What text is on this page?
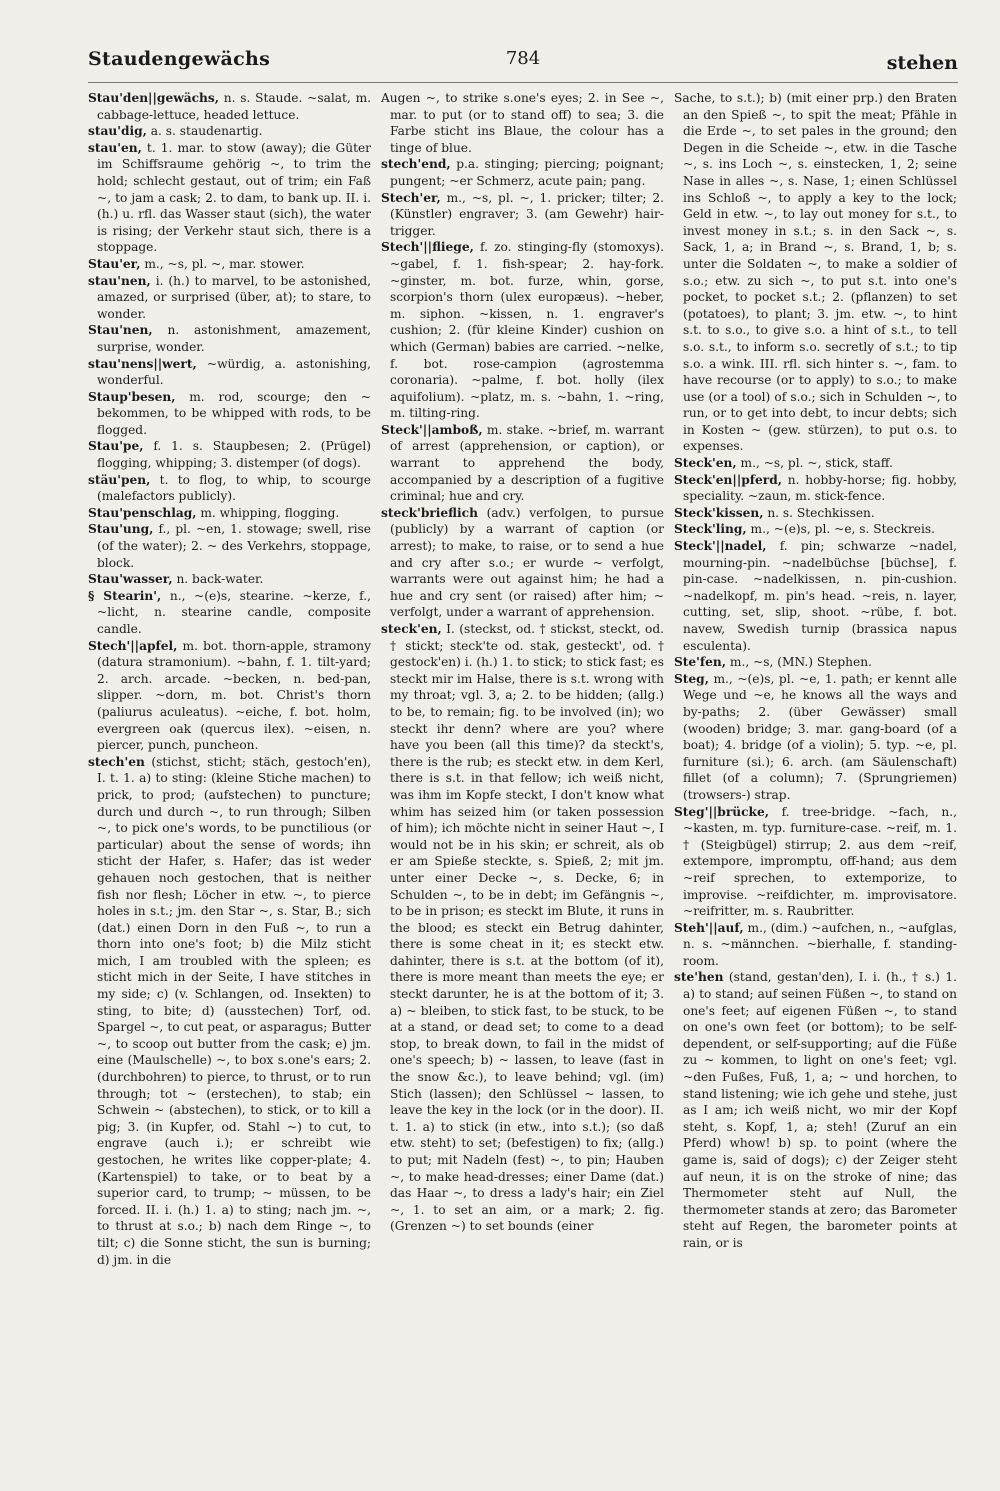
Staudengewächs	784	stehen

Stau'den||gewächs, n. s. Staude. ~salat, m. cabbage-lettuce, headed lettuce.

stau'dig, a. s. staudenartig.

stau'en, t. 1. mar. to stow (away); die Güter im Schiffsraume gehörig ~, to trim the hold; schlecht gestaut, out of trim; ein Faß ~, to jam a cask; 2. to dam, to bank up. II. i. (h.) u. rfl. das Wasser staut (sich), the water is rising; der Verkehr staut sich, there is a stoppage.

Stau'er, m., ~s, pl. ~, mar. stower.

stau'nen, i. (h.) to marvel, to be astonished, amazed, or surprised (über, at); to stare, to wonder.

Stau'nen, n. astonishment, amazement, surprise, wonder.

stau'nens||wert, ~würdig, a. astonishing, wonderful.

Staup'besen, m. rod, scourge; den ~ bekommen, to be whipped with rods, to be flogged.

Stau'pe, f. 1. s. Staupbesen; 2. (Prügel) flogging, whipping; 3. distemper (of dogs).

stäu'pen, t. to flog, to whip, to scourge (malefactors publicly).

Stau'penschlag, m. whipping, flogging.

Stau'ung, f., pl. ~en, 1. stowage; swell, rise (of the water); 2. ~ des Verkehrs, stoppage, block.

Stau'wasser, n. back-water.

§ Stearin', n., ~(e)s, stearine. ~kerze, f., ~licht, n. stearine candle, composite candle.

Stech'||apfel, m. bot. thorn-apple, stramony (datura stramonium). ~bahn, f. 1. tilt-yard; 2. arch. arcade. ~becken, n. bed-pan, slipper. ~dorn, m. bot. Christ's thorn (paliurus aculeatus). ~eiche, f. bot. holm, evergreen oak (quercus ilex). ~eisen, n. piercer, punch, puncheon.

stech'en (stichst, sticht; stäch, gestoch'en), I. t. 1. a) to sting: (kleine Stiche machen) to prick, to prod; (aufstechen) to puncture; durch und durch ~, to run through; Silben ~, to pick one's words, to be punctilious (or particular) about the sense of words; ihn sticht der Hafer, s. Hafer; das ist weder gehauen noch gestochen, that is neither fish nor flesh; Löcher in etw. ~, to pierce holes in s.t.; jm. den Star ~, s. Star, B.; sich (dat.) einen Dorn in den Fuß ~, to run a thorn into one's foot; b) die Milz sticht mich, I am troubled with the spleen; es sticht mich in der Seite, I have stitches in my side; c) (v. Schlangen, od. Insekten) to sting, to bite; d) (ausstechen) Torf, od. Spargel ~, to cut peat, or asparagus; Butter ~, to scoop out butter from the cask; e) jm. eine (Maulschelle) ~, to box s.one's ears; 2. (durchbohren) to pierce, to thrust, or to run through; tot ~ (erstechen), to stab; ein Schwein ~ (abstechen), to stick, or to kill a pig; 3. (in Kupfer, od. Stahl ~) to cut, to engrave (auch i.); er schreibt wie gestochen, he writes like copper-plate; 4. (Kartenspiel) to take, or to beat by a superior card, to trump; ~ müssen, to be forced. II. i. (h.) 1. a) to sting; nach jm. ~, to thrust at s.o.; b) nach dem Ringe ~, to tilt; c) die Sonne sticht, the sun is burning; d) jm. in die

Augen ~, to strike s.one's eyes; 2. in See ~, mar. to put (or to stand off) to sea; 3. die Farbe sticht ins Blaue, the colour has a tinge of blue.

stech'end, p.a. stinging; piercing; poignant; pungent; ~er Schmerz, acute pain; pang.

Stech'er, m., ~s, pl. ~, 1. pricker; tilter; 2. (Künstler) engraver; 3. (am Gewehr) hair-trigger.

Stech'||fliege, f. zo. stinging-fly (stomoxys). ~gabel, f. 1. fish-spear; 2. hay-fork. ~ginster, m. bot. furze, whin, gorse, scorpion's thorn (ulex europæus). ~heber, m. siphon. ~kissen, n. 1. engraver's cushion; 2. (für kleine Kinder) cushion on which (German) babies are carried. ~nelke, f. bot. rose-campion (agrostemma coronaria). ~palme, f. bot. holly (ilex aquifolium). ~platz, m. s. ~bahn, 1. ~ring, m. tilting-ring.

Steck'||amboß, m. stake. ~brief, m. warrant of arrest (apprehension, or caption), or warrant to apprehend the body, accompanied by a description of a fugitive criminal; hue and cry.

steck'brieflich (adv.) verfolgen, to pursue (publicly) by a warrant of caption (or arrest); to make, to raise, or to send a hue and cry after s.o.; er wurde ~ verfolgt, warrants were out against him; he had a hue and cry sent (or raised) after him; ~ verfolgt, under a warrant of apprehension.

steck'en, I. (steckst, od. † stickst, steckt, od. † stickt; steck'te od. stak, gesteckt', od. † gestock'en) i. (h.) 1. to stick; to stick fast; es steckt mir im Halse, there is s.t. wrong with my throat; vgl. 3, a; 2. to be hidden; (allg.) to be, to remain; fig. to be involved (in); wo steckt ihr denn? where are you? where have you been (all this time)? da steckt's, there is the rub; es steckt etw. in dem Kerl, there is s.t. in that fellow; ich weiß nicht, was ihm im Kopfe steckt, I don't know what whim has seized him (or taken possession of him); ich möchte nicht in seiner Haut ~, I would not be in his skin; er schreit, als ob er am Spieße steckte, s. Spieß, 2; mit jm. unter einer Decke ~, s. Decke, 6; in Schulden ~, to be in debt; im Gefängnis ~, to be in prison; es steckt im Blute, it runs in the blood; es steckt ein Betrug dahinter, there is some cheat in it; es steckt etw. dahinter, there is s.t. at the bottom (of it), there is more meant than meets the eye; er steckt darunter, he is at the bottom of it; 3. a) ~ bleiben, to stick fast, to be stuck, to be at a stand, or dead set; to come to a dead stop, to break down, to fail in the midst of one's speech; b) ~ lassen, to leave (fast in the snow &c.), to leave behind; vgl. (im) Stich (lassen); den Schlüssel ~ lassen, to leave the key in the lock (or in the door). II. t. 1. a) to stick (in etw., into s.t.); (so daß etw. steht) to set; (befestigen) to fix; (allg.) to put; mit Nadeln (fest) ~, to pin; Hauben ~, to make head-dresses; einer Dame (dat.) das Haar ~, to dress a lady's hair; ein Ziel ~, 1. to set an aim, or a mark; 2. fig. (Grenzen ~) to set bounds (einer

Sache, to s.t.); b) (mit einer prp.) den Braten an den Spieß ~, to spit the meat; Pfähle in die Erde ~, to set pales in the ground; den Degen in die Scheide ~, etw. in die Tasche ~, s. ins Loch ~, s. einstecken, 1, 2; seine Nase in alles ~, s. Nase, 1; einen Schlüssel ins Schloß ~, to apply a key to the lock; Geld in etw. ~, to lay out money for s.t., to invest money in s.t.; s. in den Sack ~, s. Sack, 1, a; in Brand ~, s. Brand, 1, b; s. unter die Soldaten ~, to make a soldier of s.o.; etw. zu sich ~, to put s.t. into one's pocket, to pocket s.t.; 2. (pflanzen) to set (potatoes), to plant; 3. jm. etw. ~, to hint s.t. to s.o., to give s.o. a hint of s.t., to tell s.o. s.t., to inform s.o. secretly of s.t.; to tip s.o. a wink. III. rfl. sich hinter s. ~, fam. to have recourse (or to apply) to s.o.; to make use (or a tool) of s.o.; sich in Schulden ~, to run, or to get into debt, to incur debts; sich in Kosten ~ (gew. stürzen), to put o.s. to expenses.

Steck'en, m., ~s, pl. ~, stick, staff.

Steck'en||pferd, n. hobby-horse; fig. hobby, speciality. ~zaun, m. stick-fence.

Steck'kissen, n. s. Stechkissen.

Steck'ling, m., ~(e)s, pl. ~e, s. Steckreis.

Steck'||nadel, f. pin; schwarze ~nadel, mourning-pin. ~nadelbüchse [büchse], f. pin-case. ~nadelkissen, n. pin-cushion. ~nadelkopf, m. pin's head. ~reis, n. layer, cutting, set, slip, shoot. ~rübe, f. bot. navew, Swedish turnip (brassica napus esculenta).

Ste'fen, m., ~s, (MN.) Stephen.

Steg, m., ~(e)s, pl. ~e, 1. path; er kennt alle Wege und ~e, he knows all the ways and by-paths; 2. (über Gewässer) small (wooden) bridge; 3. mar. gang-board (of a boat); 4. bridge (of a violin); 5. typ. ~e, pl. furniture (si.); 6. arch. (am Säulenschaft) fillet (of a column); 7. (Sprungriemen) (trowsers-) strap.

Steg'||brücke, f. tree-bridge. ~fach, n., ~kasten, m. typ. furniture-case. ~reif, m. 1. † (Steigbügel) stirrup; 2. aus dem ~reif, extempore, impromptu, off-hand; aus dem ~reif sprechen, to extemporize, to improvise. ~reifdichter, m. improvisatore. ~reifritter, m. s. Raubritter.

Steh'||auf, m., (dim.) ~aufchen, n., ~aufglas, n. s. ~männchen. ~bierhalle, f. standing-room.

ste'hen (stand, gestan'den), I. i. (h., † s.) 1. a) to stand; auf seinen Füßen ~, to stand on one's feet; auf eigenen Füßen ~, to stand on one's own feet (or bottom); to be self-dependent, or self-supporting; auf die Füße zu ~ kommen, to light on one's feet; vgl. ~den Fußes, Fuß, 1, a; ~ und horchen, to stand listening; wie ich gehe und stehe, just as I am; ich weiß nicht, wo mir der Kopf steht, s. Kopf, 1, a; steh! (Zuruf an ein Pferd) whow! b) sp. to point (where the game is, said of dogs); c) der Zeiger steht auf neun, it is on the stroke of nine; das Thermometer steht auf Null, the thermometer stands at zero; das Barometer steht auf Regen, the barometer points at rain, or is
